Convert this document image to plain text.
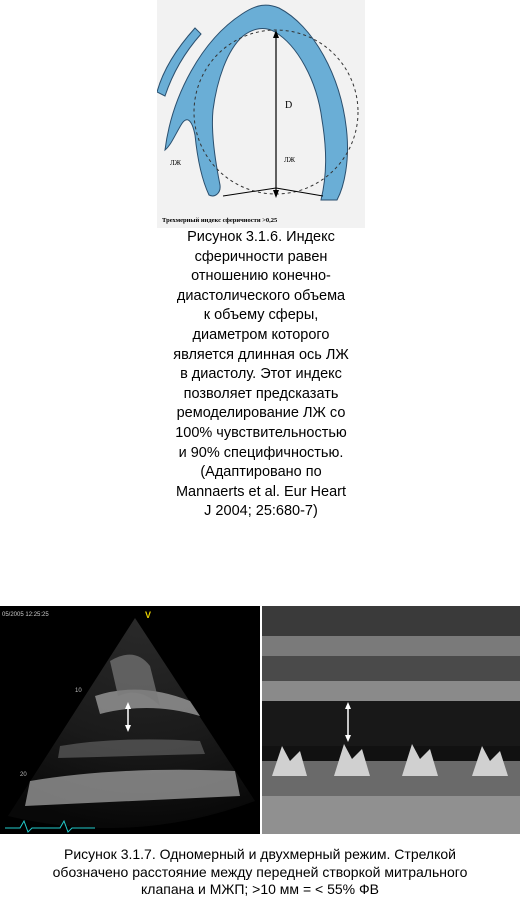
D
ЛЖ	ЛЖ
Трехмерный индекс сферичности >0,25
Рисунок 3.1.6. Индекс
сферичности равен
отношению конечно-
диастолического объема
к объему сферы,
диаметром которого
является длинная ось ЛЖ
в диастолу. Этот индекс
позволяет предсказать
ремоделирование ЛЖ со
100% чувствительностью
и 90% специфичностью.
(Адаптировано по
Mannaerts et al. Eur Heart
J 2004; 25:680-7)
05/2005 12:25:25	V
10
20
Рисунок 3.1.7. Одномерный и двухмерный режим. Стрелкой
обозначено расстояние между передней створкой митрального
клапана и МЖП; >10 мм = < 55% ФВ
